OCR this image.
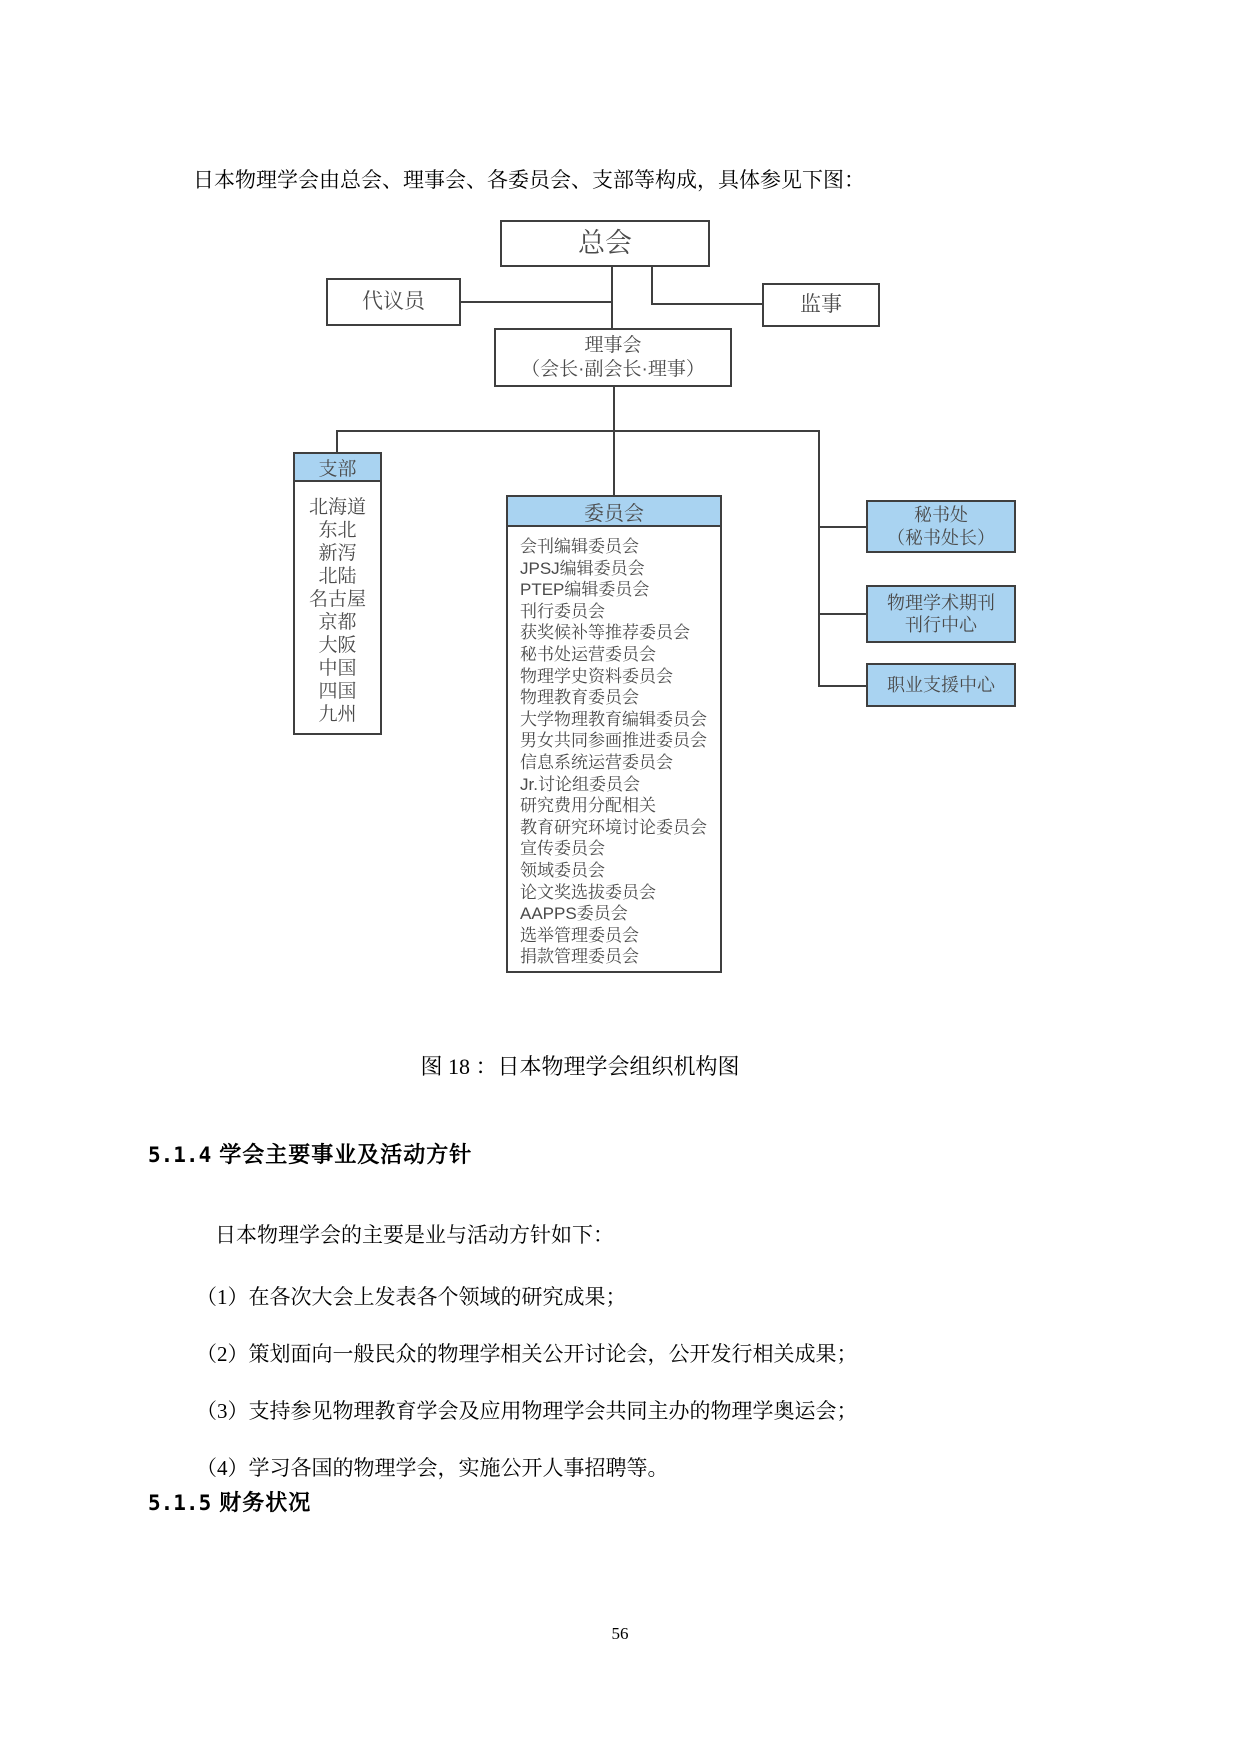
日本物理学会由总会、理事会、各委员会、支部等构成，具体参见下图：

总会
代议员	监事
理事会
（会长·副会长·理事）
支部
北海道
东北
新泻
北陆
名古屋
京都
大阪
中国
四国
九州
委员会
会刊编辑委员会
JPSJ编辑委员会
PTEP编辑委员会
刊行委员会
获奖候补等推荐委员会
秘书处运营委员会
物理学史资料委员会
物理教育委员会
大学物理教育编辑委员会
男女共同参画推进委员会
信息系统运营委员会
Jr.讨论组委员会
研究费用分配相关
教育研究环境讨论委员会
宣传委员会
领域委员会
论文奖选拔委员会
AAPPS委员会
选举管理委员会
捐款管理委员会
秘书处
（秘书处长）
物理学术期刊
刊行中心
职业支援中心

图 18 ：日本物理学会组织机构图

5.1.4 学会主要事业及活动方针

日本物理学会的主要是业与活动方针如下：

（1）在各次大会上发表各个领域的研究成果；

（2）策划面向一般民众的物理学相关公开讨论会，公开发行相关成果；

（3）支持参见物理教育学会及应用物理学会共同主办的物理学奥运会；

（4）学习各国的物理学会，实施公开人事招聘等。

5.1.5 财务状况
56
